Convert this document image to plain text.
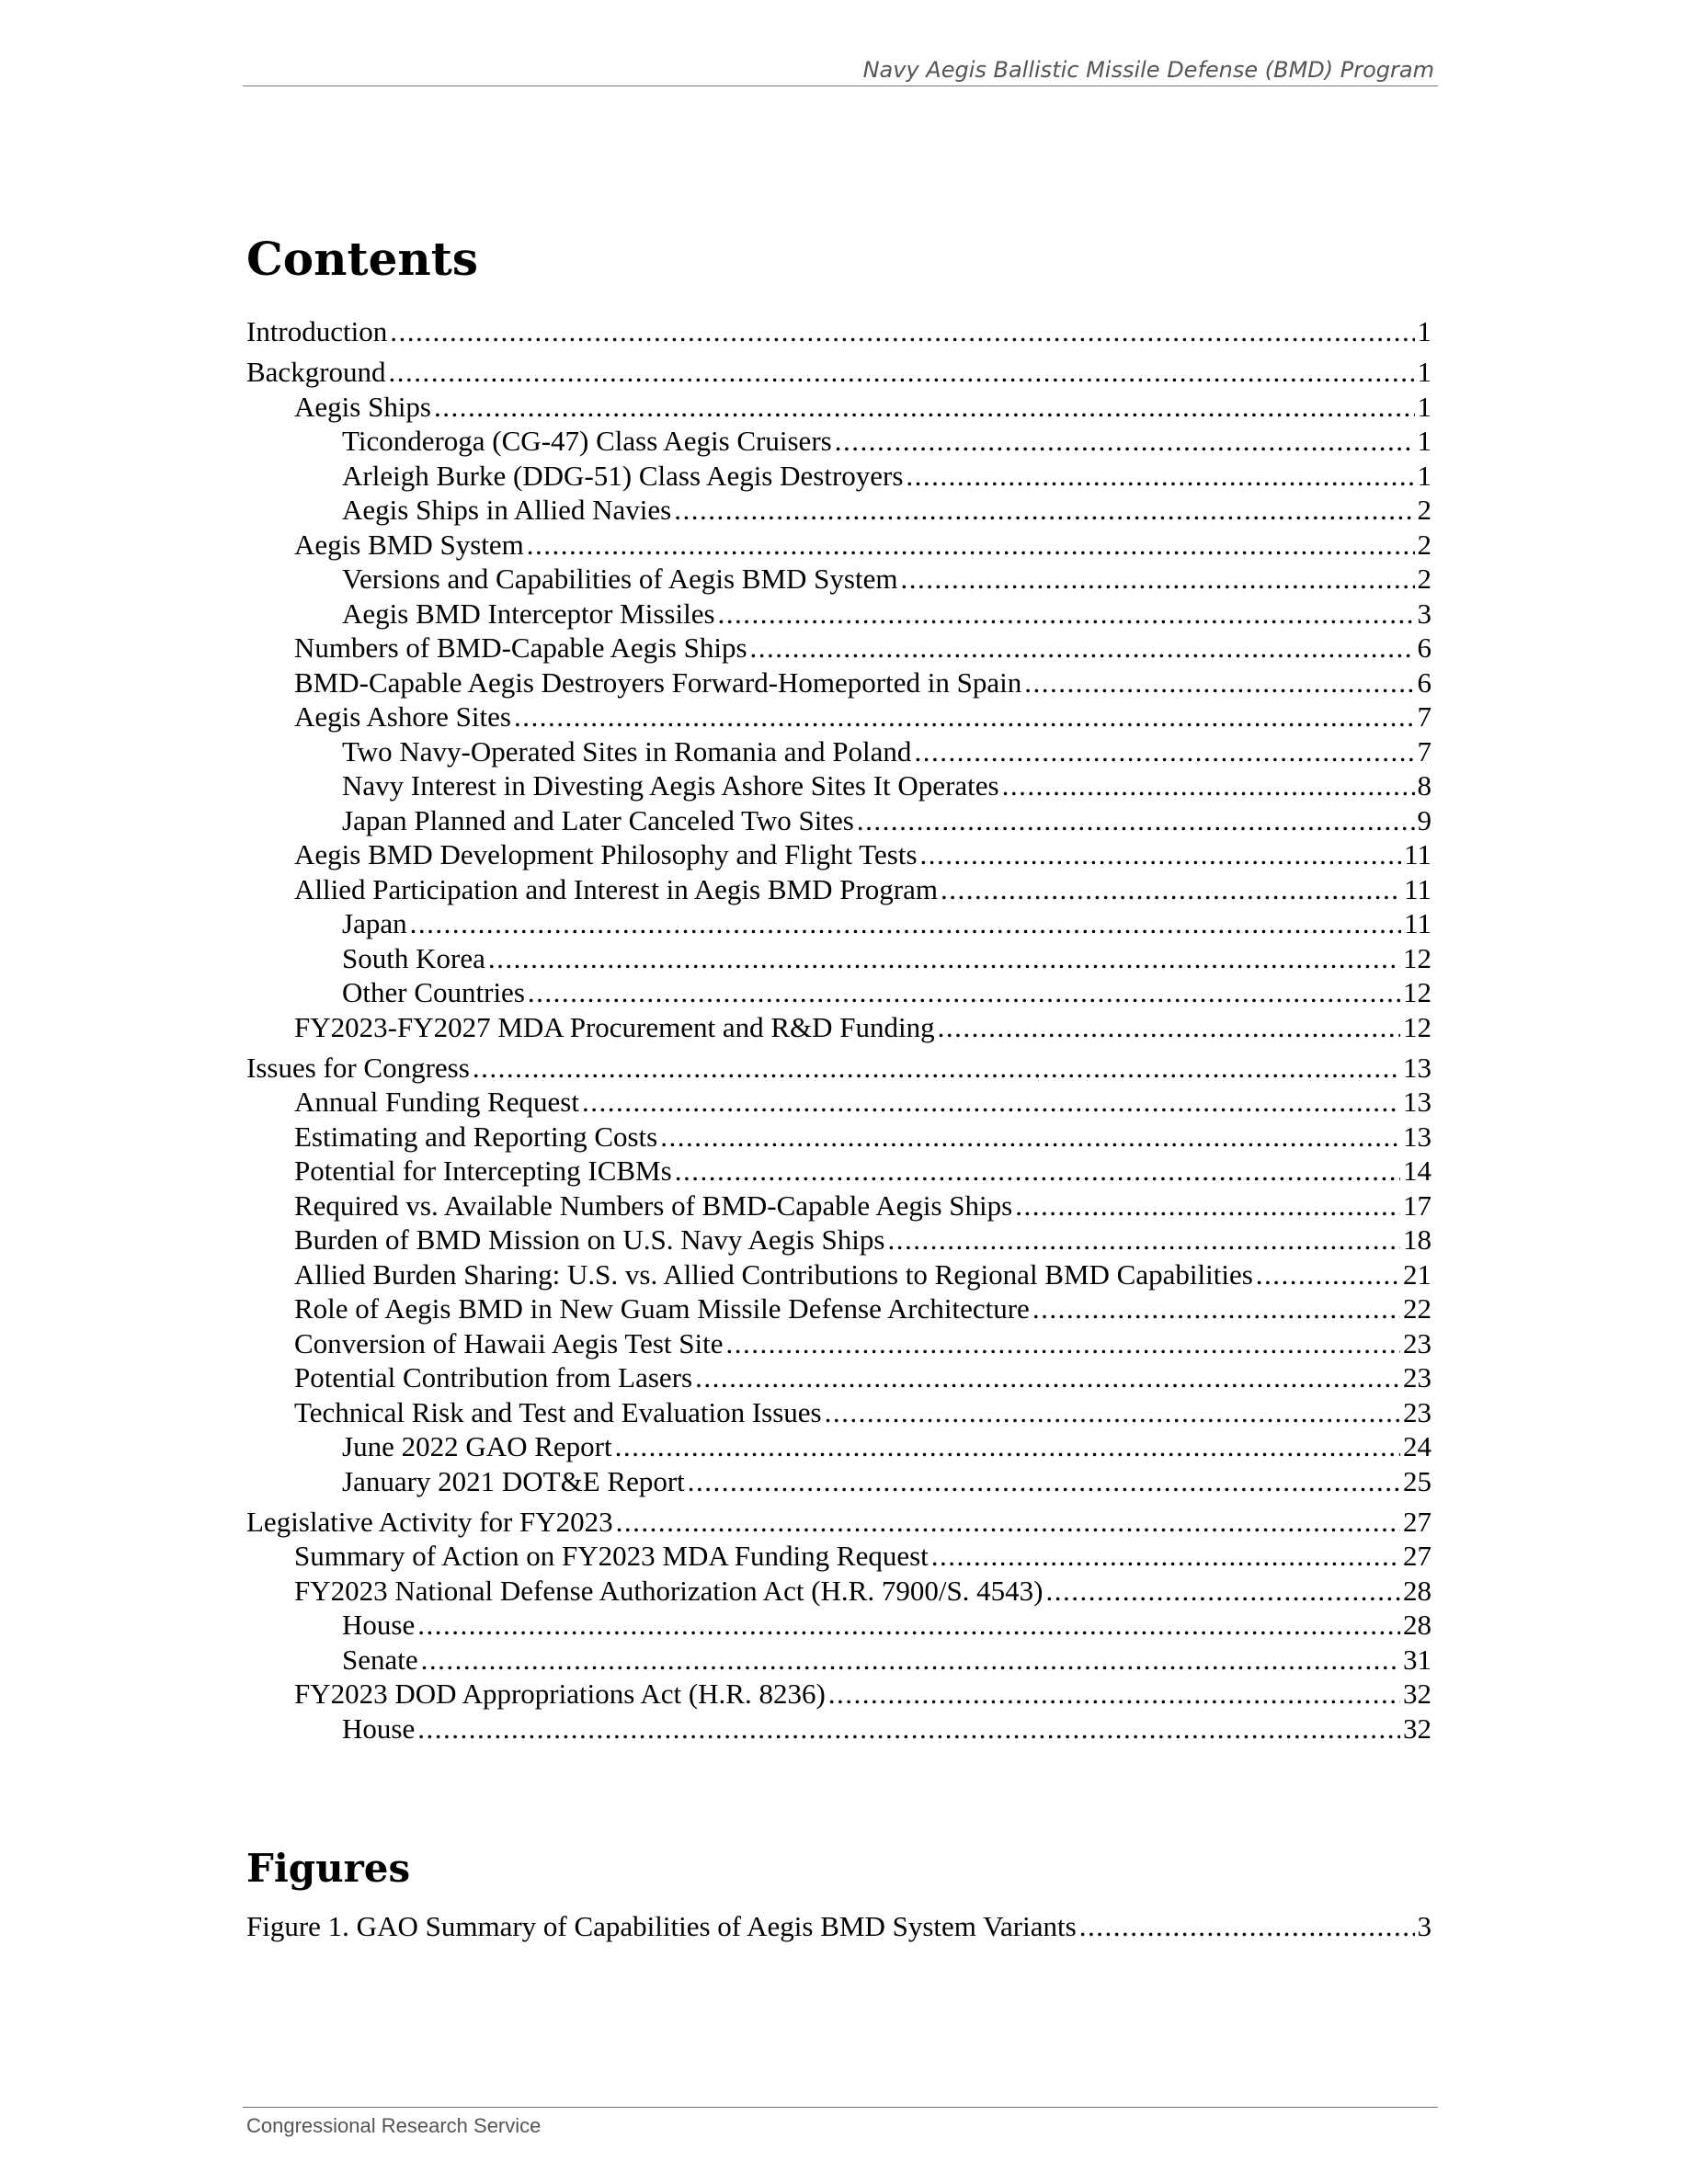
Navy Aegis Ballistic Missile Defense (BMD) Program
Contents
Introduction .....	1
Background .....	1
Aegis Ships .....	1
Ticonderoga (CG-47) Class Aegis Cruisers .....	1
Arleigh Burke (DDG-51) Class Aegis Destroyers .....	1
Aegis Ships in Allied Navies .....	2
Aegis BMD System .....	2
Versions and Capabilities of Aegis BMD System .....	2
Aegis BMD Interceptor Missiles .....	3
Numbers of BMD-Capable Aegis Ships .....	6
BMD-Capable Aegis Destroyers Forward-Homeported in Spain .....	6
Aegis Ashore Sites .....	7
Two Navy-Operated Sites in Romania and Poland .....	7
Navy Interest in Divesting Aegis Ashore Sites It Operates .....	8
Japan Planned and Later Canceled Two Sites .....	9
Aegis BMD Development Philosophy and Flight Tests .....	11
Allied Participation and Interest in Aegis BMD Program .....	11
Japan .....	11
South Korea .....	12
Other Countries .....	12
FY2023-FY2027 MDA Procurement and R&D Funding .....	12
Issues for Congress .....	13
Annual Funding Request .....	13
Estimating and Reporting Costs .....	13
Potential for Intercepting ICBMs .....	14
Required vs. Available Numbers of BMD-Capable Aegis Ships .....	17
Burden of BMD Mission on U.S. Navy Aegis Ships .....	18
Allied Burden Sharing: U.S. vs. Allied Contributions to Regional BMD Capabilities .....	21
Role of Aegis BMD in New Guam Missile Defense Architecture .....	22
Conversion of Hawaii Aegis Test Site .....	23
Potential Contribution from Lasers .....	23
Technical Risk and Test and Evaluation Issues .....	23
June 2022 GAO Report .....	24
January 2021 DOT&E Report .....	25
Legislative Activity for FY2023 .....	27
Summary of Action on FY2023 MDA Funding Request .....	27
FY2023 National Defense Authorization Act (H.R. 7900/S. 4543) .....	28
House .....	28
Senate .....	31
FY2023 DOD Appropriations Act (H.R. 8236) .....	32
House .....	32
Figures
Figure 1. GAO Summary of Capabilities of Aegis BMD System Variants .....	3
Congressional Research Service
